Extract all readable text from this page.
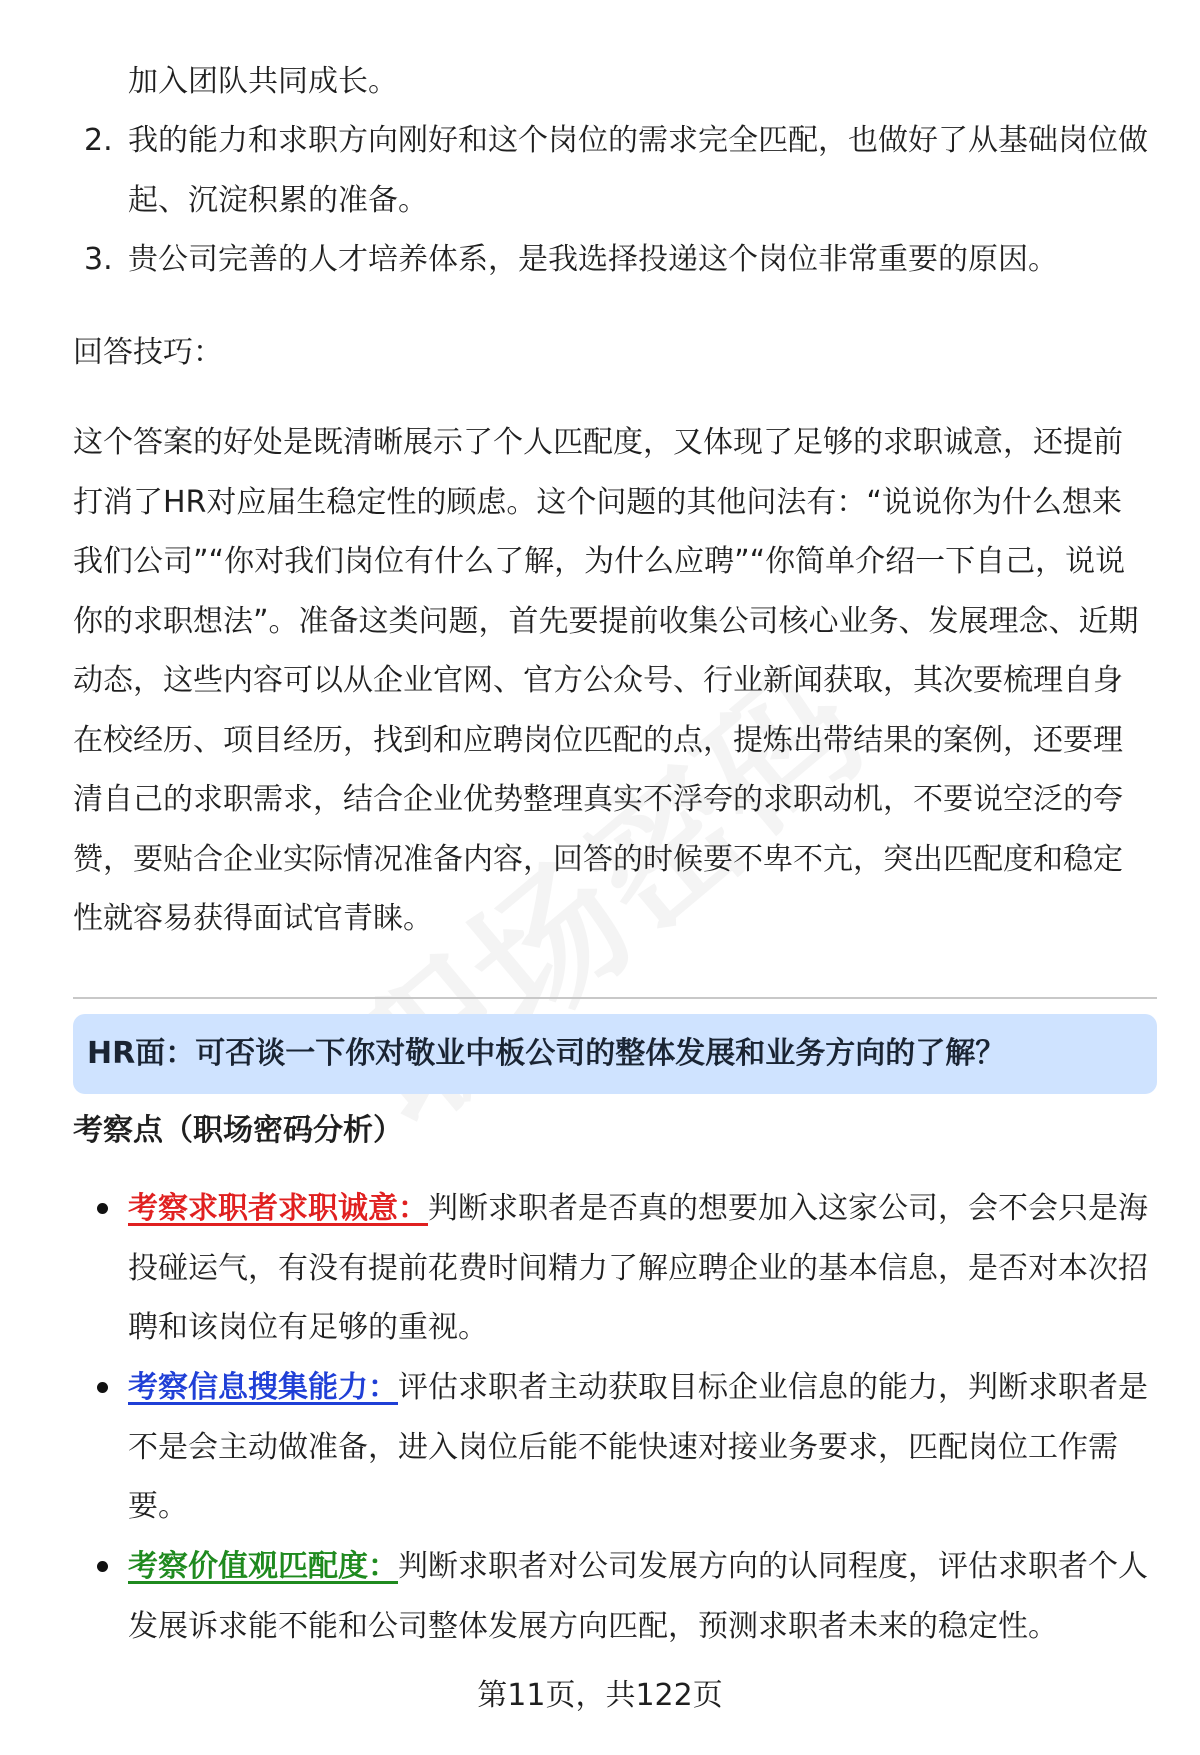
加入团队共同成长。
2. 我的能力和求职方向刚好和这个岗位的需求完全匹配，也做好了从基础岗位做
起、沉淀积累的准备。
3. 贵公司完善的人才培养体系，是我选择投递这个岗位非常重要的原因。
回答技巧：
这个答案的好处是既清晰展示了个人匹配度，又体现了足够的求职诚意，还提前打消了HR对应届生稳定性的顾虑。这个问题的其他问法有：“说说你为什么想来我们公司”“你对我们岗位有什么了解，为什么应聘”“你简单介绍一下自己，说说你的求职想法”。准备这类问题，首先要提前收集公司核心业务、发展理念、近期动态，这些内容可以从企业官网、官方公众号、行业新闻获取，其次要梳理自身在校经历、项目经历，找到和应聘岗位匹配的点，提炼出带结果的案例，还要理清自己的求职需求，结合企业优势整理真实不浮夸的求职动机，不要说空泛的夸赞，要贴合企业实际情况准备内容，回答的时候要不卑不亢，突出匹配度和稳定性就容易获得面试官青睐。
HR面：可否谈一下你对敬业中板公司的整体发展和业务方向的了解？
考察点（职场密码分析）
考察求职者求职诚意：判断求职者是否真的想要加入这家公司，会不会只是海投碰运气，有没有提前花费时间精力了解应聘企业的基本信息，是否对本次招聘和该岗位有足够的重视。
考察信息搜集能力：评估求职者主动获取目标企业信息的能力，判断求职者是不是会主动做准备，进入岗位后能不能快速对接业务要求，匹配岗位工作需要。
考察价值观匹配度：判断求职者对公司发展方向的认同程度，评估求职者个人发展诉求能不能和公司整体发展方向匹配，预测求职者未来的稳定性。
第11页，共122页
